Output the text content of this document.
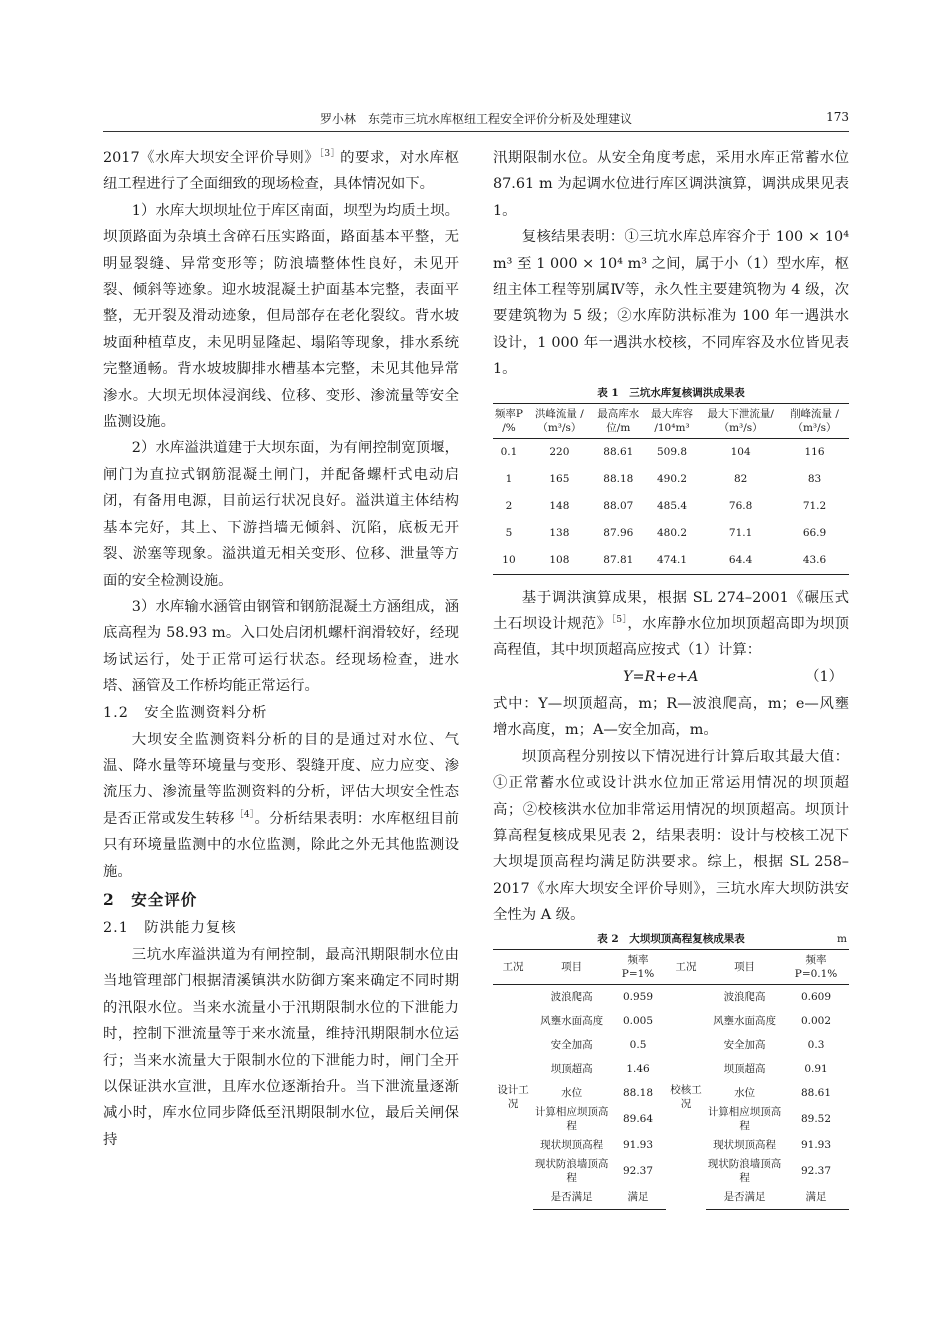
罗小林　东莞市三坑水库枢纽工程安全评价分析及处理建议	173

2017《水库大坝安全评价导则》$^{[3]}$的要求，对水库枢纽工程进行了全面细致的现场检查，具体情况如下。

1）水库大坝坝址位于库区南面，坝型为均质土坝。坝顶路面为杂填土含碎石压实路面，路面基本平整，无明显裂缝、异常变形等；防浪墙整体性良好，未见开裂、倾斜等迹象。迎水坡混凝土护面基本完整，表面平整，无开裂及滑动迹象，但局部存在老化裂纹。背水坡坡面种植草皮，未见明显隆起、塌陷等现象，排水系统完整通畅。背水坡坡脚排水槽基本完整，未见其他异常渗水。大坝无坝体浸润线、位移、变形、渗流量等安全监测设施。

2）水库溢洪道建于大坝东面，为有闸控制宽顶堰，闸门为直拉式钢筋混凝土闸门，并配备螺杆式电动启闭，有备用电源，目前运行状况良好。溢洪道主体结构基本完好，其上、下游挡墙无倾斜、沉陷，底板无开裂、淤塞等现象。溢洪道无相关变形、位移、泄量等方面的安全检测设施。

3）水库输水涵管由钢管和钢筋混凝土方涵组成，涵底高程为 58.93 m。入口处启闭机螺杆润滑较好，经现场试运行，处于正常可运行状态。经现场检查，进水塔、涵管及工作桥均能正常运行。

1.2　安全监测资料分析

大坝安全监测资料分析的目的是通过对水位、气温、降水量等环境量与变形、裂缝开度、应力应变、渗流压力、渗流量等监测资料的分析，评估大坝安全性态是否正常或发生转移$^{[4]}$。分析结果表明：水库枢纽目前只有环境量监测中的水位监测，除此之外无其他监测设施。

2　安全评价

2.1　防洪能力复核

三坑水库溢洪道为有闸控制，最高汛期限制水位由当地管理部门根据清溪镇洪水防御方案来确定不同时期的汛限水位。当来水流量小于汛期限制水位的下泄能力时，控制下泄流量等于来水流量，维持汛期限制水位运行；当来水流量大于限制水位的下泄能力时，闸门全开以保证洪水宣泄，且库水位逐渐抬升。当下泄流量逐渐减小时，库水位同步降低至汛期限制水位，最后关闸保持

汛期限制水位。从安全角度考虑，采用水库正常蓄水位 87.61 m 为起调水位进行库区调洪演算，调洪成果见表 1。

复核结果表明：①三坑水库总库容介于 100 × 10⁴ m³ 至 1 000 × 10⁴ m³ 之间，属于小（1）型水库，枢纽主体工程等别属Ⅳ等，永久性主要建筑物为 4 级，次要建筑物为 5 级；②水库防洪标准为 100 年一遇洪水设计，1 000 年一遇洪水校核，不同库容及水位皆见表 1。

表 1　三坑水库复核调洪成果表
频率P /%	洪峰流量 /（m³/s）	最高库水位/m	最大库容 /10⁴m³	最大下泄流量/ （m³/s）	削峰流量 /（m³/s）
0.1	220	88.61	509.8	104	116
1	165	88.18	490.2	82	83
2	148	88.07	485.4	76.8	71.2
5	138	87.96	480.2	71.1	66.9
10	108	87.81	474.1	64.4	43.6

基于调洪演算成果，根据 SL 274–2001《碾压式土石坝设计规范》$^{[5]}$，水库静水位加坝顶超高即为坝顶高程值，其中坝顶超高应按式（1）计算：

Y=R+e+A	（1）

式中：Y—坝顶超高，m；R—波浪爬高，m；e—风壅增水高度，m；A—安全加高，m。

坝顶高程分别按以下情况进行计算后取其最大值：①正常蓄水位或设计洪水位加正常运用情况的坝顶超高；②校核洪水位加非常运用情况的坝顶超高。坝顶计算高程复核成果见表 2，结果表明：设计与校核工况下大坝堤顶高程均满足防洪要求。综上，根据 SL 258–2017《水库大坝安全评价导则》，三坑水库大坝防洪安全性为 A 级。

表 2　大坝坝顶高程复核成果表	m
工况	项目	频率 P=1%	工况	项目	频率 P=0.1%
设计工况	波浪爬高	0.959	校核工况	波浪爬高	0.609
	风壅水面高度	0.005		风壅水面高度	0.002
	安全加高	0.5		安全加高	0.3
	坝顶超高	1.46		坝顶超高	0.91
	水位	88.18		水位	88.61
	计算相应坝顶高程	89.64		计算相应坝顶高程	89.52
	现状坝顶高程	91.93		现状坝顶高程	91.93
	现状防浪墙顶高程	92.37		现状防浪墙顶高程	92.37
	是否满足	满足		是否满足	满足
